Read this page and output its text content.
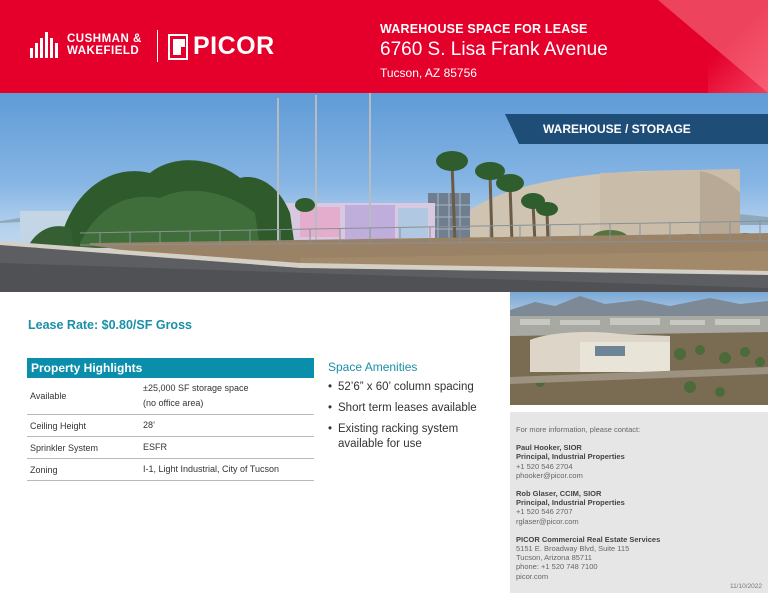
CUSHMAN &
WAKEFIELD PICOR
WAREHOUSE SPACE FOR LEASE
6760 S. Lisa Frank Avenue
Tucson, AZ 85756
WAREHOUSE / STORAGE
Lease Rate: $0.80/SF Gross
Property Highlights
Available	±25,000 SF storage space
(no office area)

Ceiling Height	28’
Sprinkler System	ESFR
Zoning	I-1, Light Industrial, City of Tucson
Space Amenities
• 52’6” x 60’ column spacing
• Short term leases available
• Existing racking system available for use
For more information, please contact:
Paul Hooker, SIOR
Principal, Industrial Properties
+1 520 546 2704
phooker@picor.com
Rob Glaser, CCIM, SIOR
Principal, Industrial Properties
+1 520 546 2707
rglaser@picor.com
PICOR Commercial Real Estate Services
5151 E. Broadway Blvd, Suite 115
Tucson, Arizona 85711
phone: +1 520 748 7100
picor.com
11/10/2022
